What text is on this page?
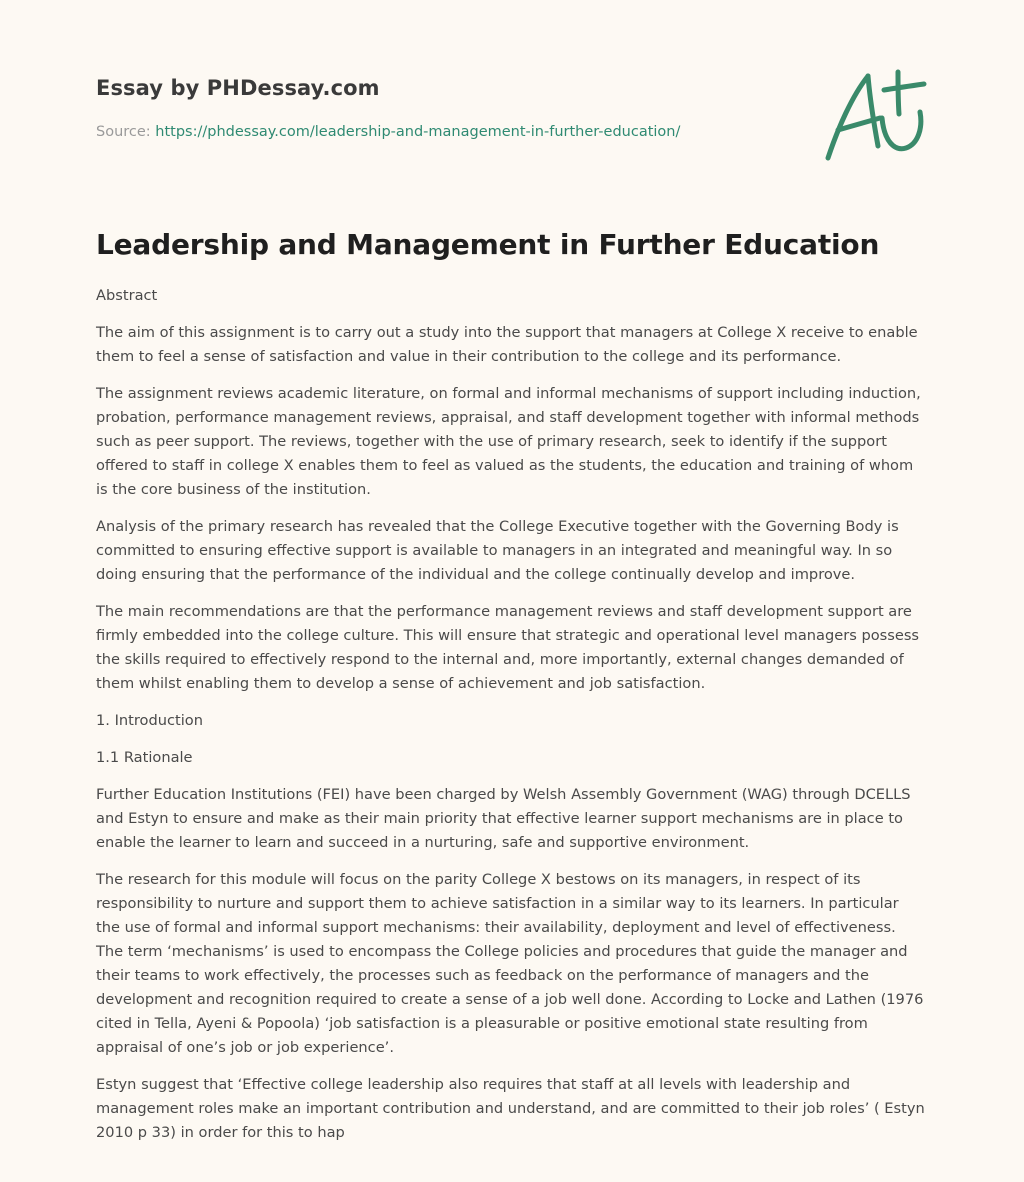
Essay by PHDessay.com
Source: https://phdessay.com/leadership-and-management-in-further-education/
Leadership and Management in Further Education

Abstract

The aim of this assignment is to carry out a study into the support that managers at College X receive to enable them to feel a sense of satisfaction and value in their contribution to the college and its performance.

The assignment reviews academic literature, on formal and informal mechanisms of support including induction, probation, performance management reviews, appraisal, and staff development together with informal methods such as peer support. The reviews, together with the use of primary research, seek to identify if the support offered to staff in college X enables them to feel as valued as the students, the education and training of whom is the core business of the institution.

Analysis of the primary research has revealed that the College Executive together with the Governing Body is committed to ensuring effective support is available to managers in an integrated and meaningful way. In so doing ensuring that the performance of the individual and the college continually develop and improve.

The main recommendations are that the performance management reviews and staff development support are firmly embedded into the college culture. This will ensure that strategic and operational level managers possess the skills required to effectively respond to the internal and, more importantly, external changes demanded of them whilst enabling them to develop a sense of achievement and job satisfaction.

1. Introduction

1.1 Rationale

Further Education Institutions (FEI) have been charged by Welsh Assembly Government (WAG) through DCELLS and Estyn to ensure and make as their main priority that effective learner support mechanisms are in place to enable the learner to learn and succeed in a nurturing, safe and supportive environment.

The research for this module will focus on the parity College X bestows on its managers, in respect of its responsibility to nurture and support them to achieve satisfaction in a similar way to its learners. In particular the use of formal and informal support mechanisms: their availability, deployment and level of effectiveness. The term ‘mechanisms’ is used to encompass the College policies and procedures that guide the manager and their teams to work effectively, the processes such as feedback on the performance of managers and the development and recognition required to create a sense of a job well done. According to Locke and Lathen (1976 cited in Tella, Ayeni & Popoola) ‘job satisfaction is a pleasurable or positive emotional state resulting from appraisal of one’s job or job experience’.

Estyn suggest that ‘Effective college leadership also requires that staff at all levels with leadership and management roles make an important contribution and understand, and are committed to their job roles’ ( Estyn 2010 p 33) in order for this to hap
